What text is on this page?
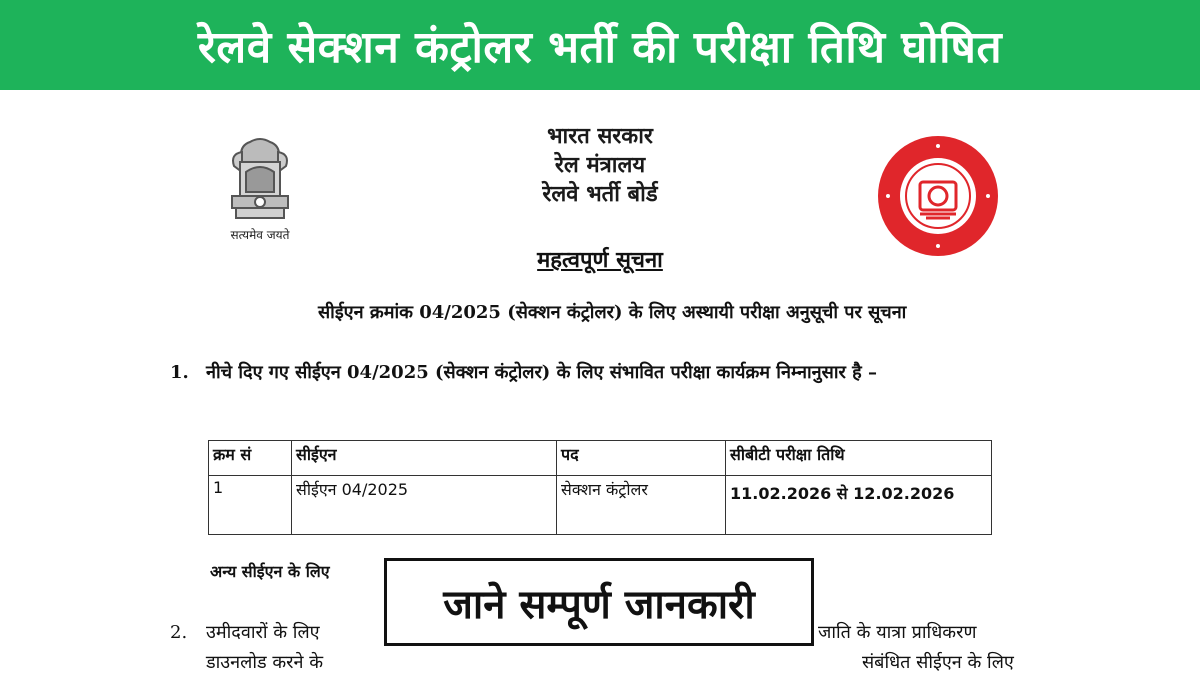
रेलवे सेक्शन कंट्रोलर भर्ती की परीक्षा तिथि घोषित
सत्यमेव जयते
भारत सरकार
रेल मंत्रालय
रेलवे भर्ती बोर्ड
महत्वपूर्ण सूचना
सीईएन क्रमांक 04/2025 (सेक्शन कंट्रोलर) के लिए अस्थायी परीक्षा अनुसूची पर सूचना
1. नीचे दिए गए सीईएन 04/2025 (सेक्शन कंट्रोलर) के लिए संभावित परीक्षा कार्यक्रम निम्नानुसार है –
क्रम सं	सीईएन	पद	सीबीटी परीक्षा तिथि
1	सीईएन 04/2025	सेक्शन कंट्रोलर	11.02.2026 से 12.02.2026
अन्य सीईएन के लिए
2. उमीदवारों के लिए	जाति के यात्रा प्राधिकरण
डाउनलोड करने के	संबंधित सीईएन के लिए
जाने सम्पूर्ण जानकारी
